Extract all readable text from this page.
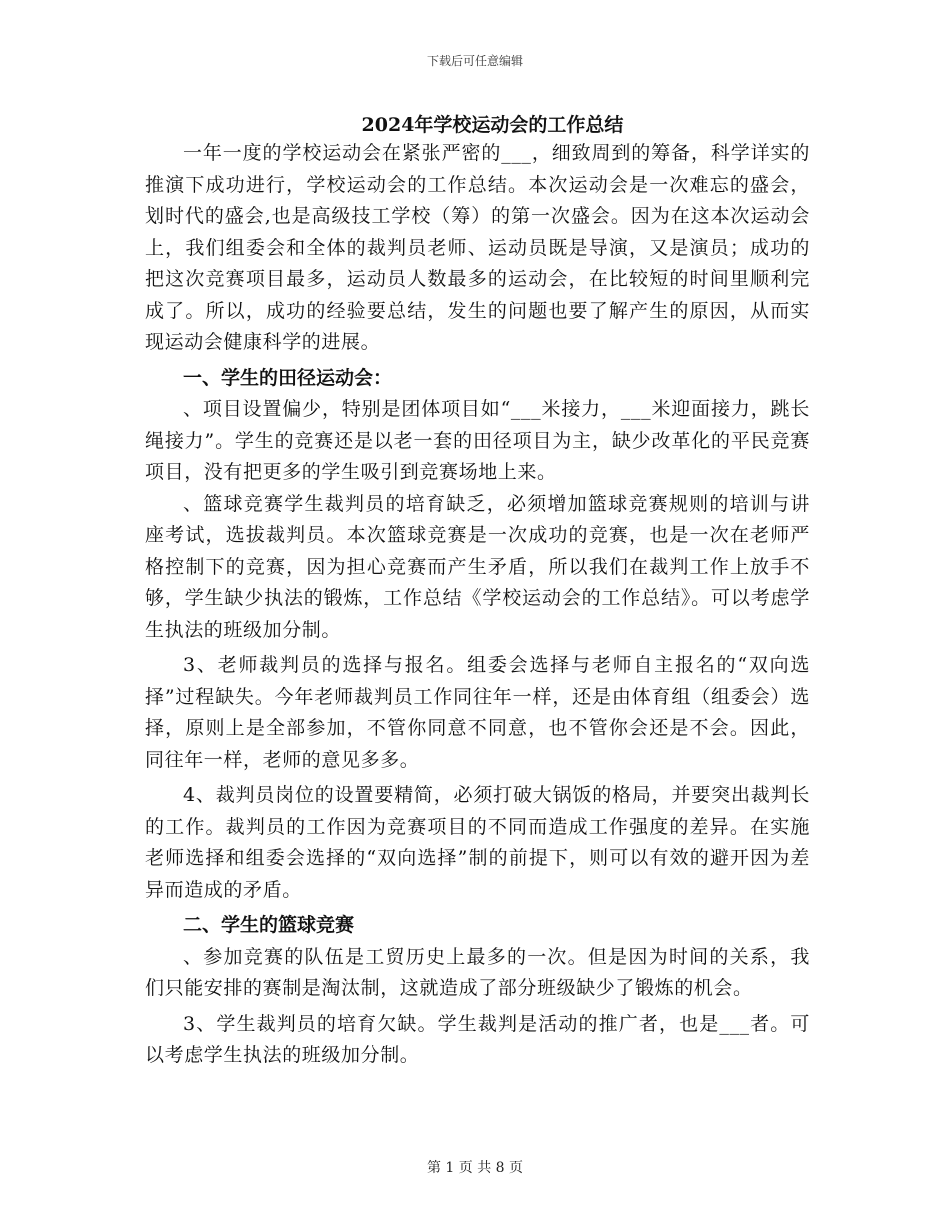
下载后可任意编辑
2024年学校运动会的工作总结

一年一度的学校运动会在紧张严密的___，细致周到的筹备，科学详实的推演下成功进行，学校运动会的工作总结。本次运动会是一次难忘的盛会，划时代的盛会,也是高级技工学校（筹）的第一次盛会。因为在这本次运动会上，我们组委会和全体的裁判员老师、运动员既是导演，又是演员；成功的把这次竞赛项目最多，运动员人数最多的运动会，在比较短的时间里顺利完成了。所以，成功的经验要总结，发生的问题也要了解产生的原因，从而实现运动会健康科学的进展。

一、学生的田径运动会：

、项目设置偏少，特别是团体项目如“___米接力，___米迎面接力，跳长绳接力”。学生的竞赛还是以老一套的田径项目为主，缺少改革化的平民竞赛项目，没有把更多的学生吸引到竞赛场地上来。

、篮球竞赛学生裁判员的培育缺乏，必须增加篮球竞赛规则的培训与讲座考试，选拔裁判员。本次篮球竞赛是一次成功的竞赛，也是一次在老师严格控制下的竞赛，因为担心竞赛而产生矛盾，所以我们在裁判工作上放手不够，学生缺少执法的锻炼，工作总结《学校运动会的工作总结》。可以考虑学生执法的班级加分制。

3、老师裁判员的选择与报名。组委会选择与老师自主报名的“双向选择”过程缺失。今年老师裁判员工作同往年一样，还是由体育组（组委会）选择，原则上是全部参加，不管你同意不同意，也不管你会还是不会。因此，同往年一样，老师的意见多多。

4、裁判员岗位的设置要精简，必须打破大锅饭的格局，并要突出裁判长的工作。裁判员的工作因为竞赛项目的不同而造成工作强度的差异。在实施老师选择和组委会选择的“双向选择”制的前提下，则可以有效的避开因为差异而造成的矛盾。

二、学生的篮球竞赛

、参加竞赛的队伍是工贸历史上最多的一次。但是因为时间的关系，我们只能安排的赛制是淘汰制，这就造成了部分班级缺少了锻炼的机会。

3、学生裁判员的培育欠缺。学生裁判是活动的推广者，也是___者。可以考虑学生执法的班级加分制。

第 1 页 共 8 页
